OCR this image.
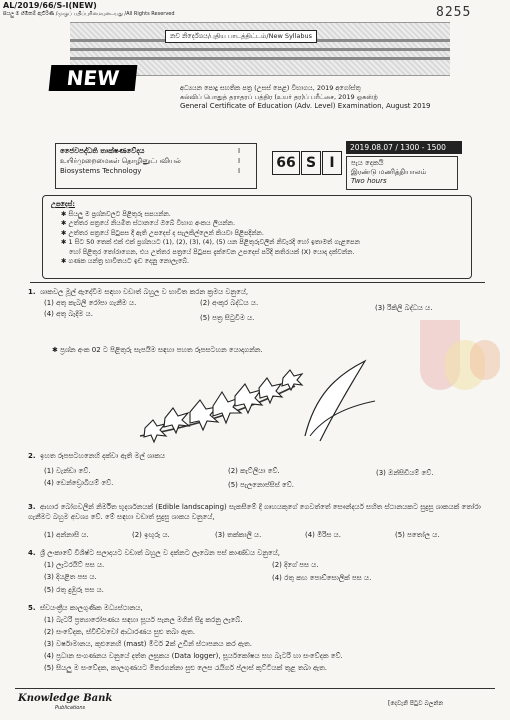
AL/2019/66/S-I(NEW)
සියලු ම හිමිකම් ඇවිරිණි /முழுப் பதிப்புரிமையுடையது /All Rights Reserved	8255
නව නිර්දේශය/புதிய பாடத்திட்டம்/New Syllabus
NEW	අධ්‍යයන පොදු සහතික පත්‍ර (උසස් පෙළ) විභාගය, 2019 අගෝස්තු
கல்விப் பொதுத் தராதரப் பத்திர (உயர் தர)ப் பரீட்சை, 2019 ஓகஸ்ற்
General Certificate of Education (Adv. Level) Examination, August 2019
ජෛවපද්ධති තාක්ෂණවේදය
உயிர்முறைமைகள் தொழினுட்பவியல்
Biosystems Technology
I
I
I	66 S I
2019.08.07 / 1300 - 1500
පැය දෙකයි
இரண்டு மணித்தியாலம்
Two hours
උපදෙස්:
✱ සියලු ම ප්‍රශ්නවලට පිළිතුරු සපයන්න.
✱ උත්තර පත්‍රයේ නියමිත ස්ථානයේ ඔබේ විභාග අංකය ලියන්න.
✱ උත්තර පත්‍රයේ පිටුපස දී ඇති උපදෙස් ද සැලකිල්ලෙන් කියවා පිළිපදින්න.
✱ 1 සිට 50 තෙක් එක් එක් ප්‍රශ්නයට (1), (2), (3), (4), (5) යන පිළිතුරුවලින් නිවැරදි හෝ ඉතාමත් ගැළපෙන
හෝ පිළිතුර තෝරාගෙන, එය උත්තර පත්‍රයේ පිටුපස දැක්වෙන උපදෙස් පරිදි කතිරයක් (X) යොදා දක්වන්න.
✱ ගණක යන්ත්‍ර භාවිතයට ඉඩ දෙනු නොලැබේ.
1. ශාකවල මූල් ඇදේවීම සඳහා වඩාත් බහුල ව භාවිත කරන ක්‍රමය වනුයේ,
(1) අතු කැබලි රෝපා ගැනීම ය.	(2) අංකුර බද්ධය ය.
(3) රිකිලි බද්ධය ය.
(4) අතු බැදීම ය.	(5) පත්‍ර සිටුවීම ය.
✱ ප්‍රශ්න අංක 02 ට පිළිතුරු සැපයීම සඳහා පහත රූපසටහන යොදාගන්න.
2. ඉහත රූපසටහනෙහි දක්වා ඇති මල් ශාකය
(1) වැන්ඩා වේ.	(2) කැට්ලියා වේ.	(3) ඔන්සිඩියම් වේ.
(4) ඩෙන්ඩ්‍රොබියම් වේ.	(5) පැලනොප්සිස් වේ.
3. ආහාර බෝගවලින් නිර්මිත භූදර්ශනයක් (Edible landscaping) සැකසීමේ දී ගෘහයකුගේ ගෙවත්තේ සෞන්දර්ය සහිත ස්ථානයකට සුදුසු ශාකයක් තෝරා ගැනීමට බහුම අවශ්‍ය වේ. මේ සඳහා වඩාත් සුදුසු ශාකය වනුයේ,
(1) අන්නාසි ය.	(2) ඉඟුරු ය.	(3) තක්කාලි ය.	(4) මිරිස ය.	(5) පතෝල ය.
4. ශ්‍රී ලංකාවේ විශිෂ්ට සලාදයට වඩාත් බහුල ව දක්නට ලැබෙන පස් කාණ්ඩය වනුයේ,
(1) ලැටරයිට් පස ය.	(2) දිගේ පස ය.
(3) දියළිත පස ය.	(4) රතු කහ පොඩ්සොලික් පස ය.
(5) රතු දුඹුරු පස ය.
5. ස්වයංක්‍රීය කාලගුණික මධ්‍යස්ථානය,
(1) බැටරි ප්‍රත්‍යාරෝපණය සඳහා සූර්ය පැනල මගින් සිදු කරනු ලැබේ.
(2) සංවේදක, ස්විච්චවෝ ආධාරණය සුළු තබා ඇත.
(3) වර්ෂාමානය, කුළුනෙහි (mast) මීටර් 2ක් උඩින් ස්ථාපනය කර ඇත.
(4) ප්‍රධාන සංගණනය වනුයේ දත්ත ලඝුකය (Data logger), සූර්යකෝෂය සහ බැටරි හා සංවේදක වේ.
(5) සියලු ම සංවේදක, කාලගුණයට මිතරගන්නා සුළු ලෙස රැයිගර් ප්ලාස් කුට්ටියක් තුළ තබා ඇත.
Knowledge Bank
Publications
[දෙවැනි පිටුව බලන්න
